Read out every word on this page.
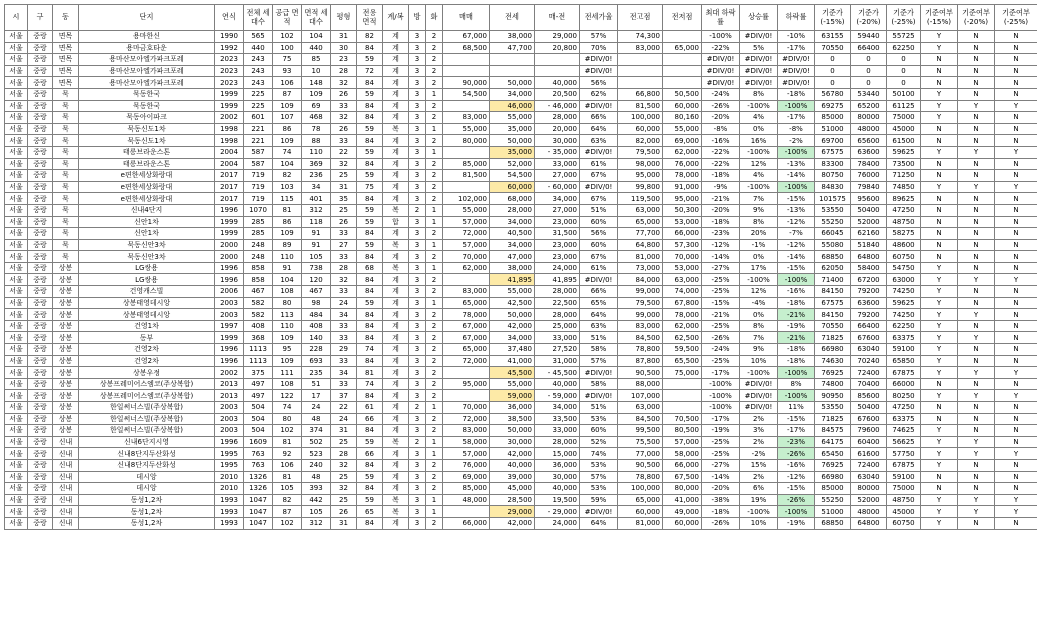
시	구	동	단지	연식	전체 세대수	공급 면적	면적 세대수	평형	전용 면적	계/복	방	화	매매	전세	매-전	전세가율	전고점	전저점	최대 하락률	상승률	하락률	기준가 (-15%)	기준가 (-20%)	기준가 (-25%)	기준여부 (-15%)	기준여부 (-20%)	기준여부 (-25%)
서울	중랑	면목	용마한신	1990	565	102	104	31	82	계	3	2	67,000	38,000	29,000	57%	74,300		-100%	#DIV/0!	-10%	63155	59440	55725	Y	N	N
서울	중랑	면목	용마금호타운	1992	440	100	440	30	84	계	3	2	68,500	47,700	20,800	70%	83,000	65,000	-22%	5%	-17%	70550	66400	62250	Y	N	N
서울	중랑	면목	용마산모아엘가파크포레	2023	243	75	85	23	59	계	3	2				#DIV/0!			#DIV/0!	#DIV/0!	#DIV/0!	0	0	0	N	N	N
서울	중랑	면목	용마산모아엘가파크포레	2023	243	93	10	28	72	계	3	2				#DIV/0!			#DIV/0!	#DIV/0!	#DIV/0!	0	0	0	N	N	N
서울	중랑	면목	용마산모아엘가파크포레	2023	243	106	148	32	84	계	3	2	90,000	50,000	40,000	56%			#DIV/0!	#DIV/0!	#DIV/0!	0	0	0	N	N	N
서울	중랑	묵	묵동한국	1999	225	87	109	26	59	계	3	1	54,500	34,000	20,500	62%	66,800	50,500	-24%	8%	-18%	56780	53440	50100	Y	N	N
서울	중랑	묵	묵동한국	1999	225	109	69	33	84	계	3	2		46,000	- 46,000	#DIV/0!	81,500	60,000	-26%	-100%	-100%	69275	65200	61125	Y	Y	Y
서울	중랑	묵	묵동아이파크	2002	601	107	468	32	84	계	3	2	83,000	55,000	28,000	66%	100,000	80,160	-20%	4%	-17%	85000	80000	75000	Y	N	N
서울	중랑	묵	묵동신도1차	1998	221	86	78	26	59	복	3	1	55,000	35,000	20,000	64%	60,000	55,000	-8%	0%	-8%	51000	48000	45000	N	N	N
서울	중랑	묵	묵동신도1차	1998	221	109	88	33	84	계	3	2	80,000	50,000	30,000	63%	82,000	69,000	-16%	16%	-2%	69700	65600	61500	N	N	N
서울	중랑	묵	태릉브라운스톤	2004	587	74	110	22	59	계	3	1		35,000	- 35,000	#DIV/0!	79,500	62,000	-22%	-100%	-100%	67575	63600	59625	Y	Y	Y
서울	중랑	묵	태릉브라운스톤	2004	587	104	369	32	84	계	3	2	85,000	52,000	33,000	61%	98,000	76,000	-22%	12%	-13%	83300	78400	73500	N	N	N
서울	중랑	묵	e편한세상화랑대	2017	719	82	236	25	59	계	3	2	81,500	54,500	27,000	67%	95,000	78,000	-18%	4%	-14%	80750	76000	71250	N	N	N
서울	중랑	묵	e편한세상화랑대	2017	719	103	34	31	75	계	3	2		60,000	- 60,000	#DIV/0!	99,800	91,000	-9%	-100%	-100%	84830	79840	74850	Y	Y	Y
서울	중랑	묵	e편한세상화랑대	2017	719	115	401	35	84	계	3	2	102,000	68,000	34,000	67%	119,500	95,000	-21%	7%	-15%	101575	95600	89625	N	N	N
서울	중랑	묵	신내4단지	1996	1070	81	312	25	59	복	2	1	55,000	28,000	27,000	51%	63,000	50,300	-20%	9%	-13%	53550	50400	47250	N	N	N
서울	중랑	묵	신안1차	1999	285	86	118	26	59	합	3	1	57,000	34,000	23,000	60%	65,000	53,000	-18%	8%	-12%	55250	52000	48750	N	N	N
서울	중랑	묵	신안1차	1999	285	109	91	33	84	계	3	2	72,000	40,500	31,500	56%	77,700	66,000	-23%	20%	-7%	66045	62160	58275	N	N	N
서울	중랑	묵	묵동신안3차	2000	248	89	91	27	59	복	3	1	57,000	34,000	23,000	60%	64,800	57,300	-12%	-1%	-12%	55080	51840	48600	N	N	N
서울	중랑	묵	묵동신안3차	2000	248	110	105	33	84	계	3	2	70,000	47,000	23,000	67%	81,000	70,000	-14%	0%	-14%	68850	64800	60750	N	N	N
서울	중랑	상봉	LG쌍용	1996	858	91	738	28	68	복	3	1	62,000	38,000	24,000	61%	73,000	53,000	-27%	17%	-15%	62050	58400	54750	Y	N	N
서울	중랑	상봉	LG쌍용	1996	858	104	120	32	84	계	3	2		41,895	41,895	#DIV/0!	84,000	63,000	-25%	-100%	-100%	71400	67200	63000	Y	Y	Y
서울	중랑	상봉	건영캐스빌	2006	467	108	467	33	84	계	3	2	83,000	55,000	28,000	66%	99,000	74,000	-25%	12%	-16%	84150	79200	74250	Y	N	N
서울	중랑	상봉	상봉태영데시앙	2003	582	80	98	24	59	계	3	1	65,000	42,500	22,500	65%	79,500	67,800	-15%	-4%	-18%	67575	63600	59625	Y	N	N
서울	중랑	상봉	상봉태영데시앙	2003	582	113	484	34	84	계	3	2	78,000	50,000	28,000	64%	99,000	78,000	-21%	0%	-21%	84150	79200	74250	Y	Y	N
서울	중랑	상봉	건영1차	1997	408	110	408	33	84	계	3	2	67,000	42,000	25,000	63%	83,000	62,000	-25%	8%	-19%	70550	66400	62250	Y	N	N
서울	중랑	상봉	동부	1999	368	109	140	33	84	계	3	2	67,000	34,000	33,000	51%	84,500	62,500	-26%	7%	-21%	71825	67600	63375	Y	Y	N
서울	중랑	상봉	건영2차	1996	1113	95	228	29	74	계	3	2	65,000	37,480	27,520	58%	78,800	59,500	-24%	9%	-18%	66980	63040	59100	Y	N	N
서울	중랑	상봉	건영2차	1996	1113	109	693	33	84	계	3	2	72,000	41,000	31,000	57%	87,800	65,500	-25%	10%	-18%	74630	70240	65850	Y	N	N
서울	중랑	상봉	상봉우정	2002	375	111	235	34	81	계	3	2		45,500	- 45,500	#DIV/0!	90,500	75,000	-17%	-100%	-100%	76925	72400	67875	Y	Y	Y
서울	중랑	상봉	상봉프레미어스엠코(주상복합)	2013	497	108	51	33	74	계	3	2	95,000	55,000	40,000	58%	88,000		-100%	#DIV/0!	8%	74800	70400	66000	N	N	N
서울	중랑	상봉	상봉프레미어스엠코(주상복합)	2013	497	122	17	37	84	계	3	2		59,000	- 59,000	#DIV/0!	107,000		-100%	#DIV/0!	-100%	90950	85600	80250	Y	Y	Y
서울	중랑	상봉	한일써너스빌(주상복합)	2003	504	74	24	22	61	계	2	1	70,000	36,000	34,000	51%	63,000		-100%	#DIV/0!	11%	53550	50400	47250	N	N	N
서울	중랑	상봉	한일써너스빌(주상복합)	2003	504	80	48	24	66	계	3	2	72,000	38,500	33,500	53%	84,500	70,500	-17%	2%	-15%	71825	67600	63375	N	N	N
서울	중랑	상봉	한일써너스빌(주상복합)	2003	504	102	374	31	84	계	3	2	83,000	50,000	33,000	60%	99,500	80,500	-19%	3%	-17%	84575	79600	74625	Y	N	N
서울	중랑	신내	신내6단지시영	1996	1609	81	502	25	59	복	2	1	58,000	30,000	28,000	52%	75,500	57,000	-25%	2%	-23%	64175	60400	56625	Y	Y	N
서울	중랑	신내	신내8단지두산화성	1995	763	92	523	28	66	계	3	1	57,000	42,000	15,000	74%	77,000	58,000	-25%	-2%	-26%	65450	61600	57750	Y	Y	Y
서울	중랑	신내	신내8단지두산화성	1995	763	106	240	32	84	계	3	2	76,000	40,000	36,000	53%	90,500	66,000	-27%	15%	-16%	76925	72400	67875	Y	N	N
서울	중랑	신내	데시앙	2010	1326	81	48	25	59	계	3	2	69,000	39,000	30,000	57%	78,800	67,500	-14%	2%	-12%	66980	63040	59100	N	N	N
서울	중랑	신내	데시앙	2010	1326	105	393	32	84	계	3	2	85,000	45,000	40,000	53%	100,000	80,000	-20%	6%	-15%	85000	80000	75000	N	N	N
서울	중랑	신내	동성1,2차	1993	1047	82	442	25	59	복	3	1	48,000	28,500	19,500	59%	65,000	41,000	-38%	19%	-26%	55250	52000	48750	Y	Y	Y
서울	중랑	신내	동성1,2차	1993	1047	87	105	26	65	복	3	1		29,000	- 29,000	#DIV/0!	60,000	49,000	-18%	-100%	-100%	51000	48000	45000	Y	Y	Y
서울	중랑	신내	동성1,2차	1993	1047	102	312	31	84	계	3	2	66,000	42,000	24,000	64%	81,000	60,000	-26%	10%	-19%	68850	64800	60750	Y	N	N
